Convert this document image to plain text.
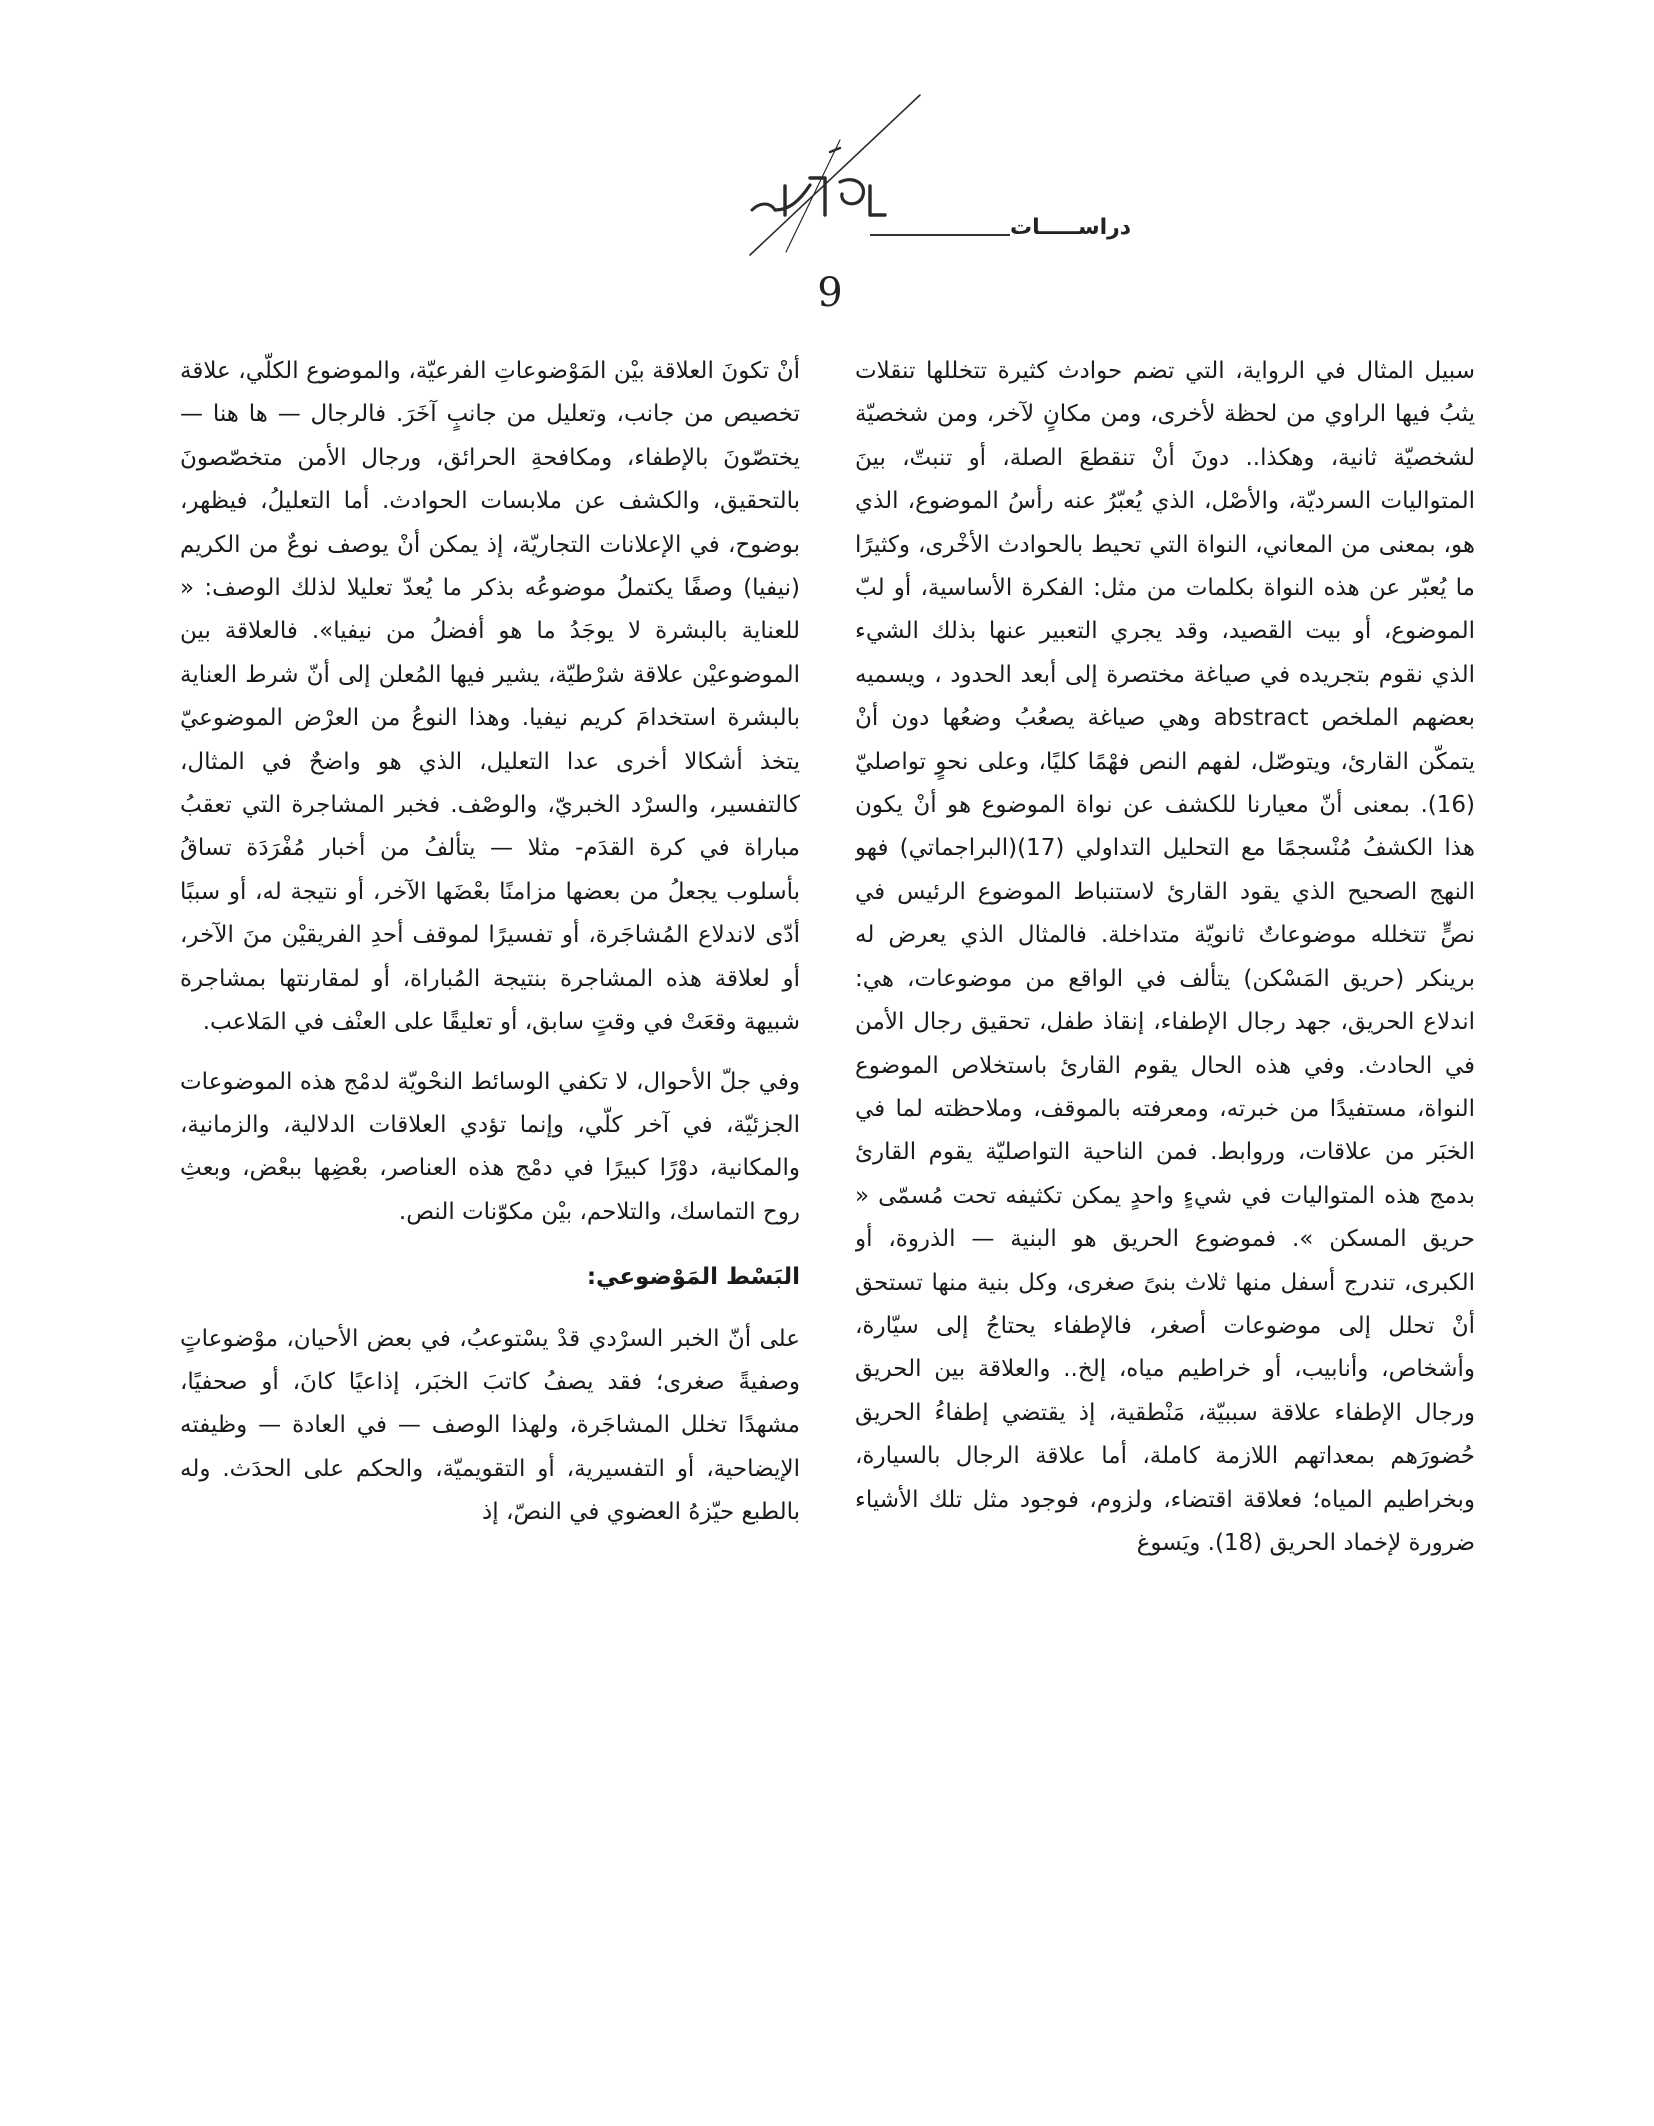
دراســـــات
9

سبيل المثال في الرواية، التي تضم حوادث كثيرة تتخللها تنقلات يثبُ فيها الراوي من لحظة لأخرى، ومن مكانٍ لآخر، ومن شخصيّة لشخصيّة ثانية، وهكذا.. دونَ أنْ تنقطعَ الصلة، أو تنبتّ، بينَ المتواليات السرديّة، والأصْل، الذي يُعبّرُ عنه رأسُ الموضوع، الذي هو، بمعنى من المعاني، النواة التي تحيط بالحوادث الأخْرى، وكثيرًا ما يُعبّر عن هذه النواة بكلمات من مثل: الفكرة الأساسية، أو لبّ الموضوع، أو بيت القصيد، وقد يجري التعبير عنها بذلك الشيء الذي نقوم بتجريده في صياغة مختصرة إلى أبعد الحدود ، ويسميه بعضهم الملخص abstract وهي صياغة يصعُبُ وضعُها دون أنْ يتمكّن القارئ، ويتوصّل، لفهم النص فهْمًا كليًا، وعلى نحوٍ تواصليّ (16). بمعنى أنّ معيارنا للكشف عن نواة الموضوع هو أنْ يكون هذا الكشفُ مُنْسجمًا مع التحليل التداولي (17)(البراجماتي) فهو النهج الصحيح الذي يقود القارئ لاستنباط الموضوع الرئيس في نصٍّ تتخلله موضوعاتٌ ثانويّة متداخلة. فالمثال الذي يعرض له برينكر (حريق المَسْكن) يتألف في الواقع من موضوعات، هي: اندلاع الحريق، جهد رجال الإطفاء، إنقاذ طفل، تحقيق رجال الأمن في الحادث. وفي هذه الحال يقوم القارئ باستخلاص الموضوع النواة، مستفيدًا من خبرته، ومعرفته بالموقف، وملاحظته لما في الخبَر من علاقات، وروابط. فمن الناحية التواصليّة يقوم القارئ بدمج هذه المتواليات في شيءٍ واحدٍ يمكن تكثيفه تحت مُسمّى « حريق المسكن ». فموضوع الحريق هو البنية — الذروة، أو الكبرى، تندرج أسفل منها ثلاث بنىً صغرى، وكل بنية منها تستحق أنْ تحلل إلى موضوعات أصغر، فالإطفاء يحتاجُ إلى سيّارة، وأشخاص، وأنابيب، أو خراطيم مياه، إلخ.. والعلاقة بين الحريق ورجال الإطفاء علاقة سببيّة، مَنْطقية، إذ يقتضي إطفاءُ الحريق حُضورَهم بمعداتهم اللازمة كاملة، أما علاقة الرجال بالسيارة، وبخراطيم المياه؛ فعلاقة اقتضاء، ولزوم، فوجود مثل تلك الأشياء ضرورة لإخماد الحريق (18). ويَسوغ

أنْ تكونَ العلاقة بيْن المَوْضوعاتِ الفرعيّة، والموضوع الكلّي، علاقة تخصيص من جانب، وتعليل من جانبٍ آخَرَ. فالرجال — ها هنا — يختصّونَ بالإطفاء، ومكافحةِ الحرائق، ورجال الأمن متخصّصونَ بالتحقيق، والكشف عن ملابسات الحوادث. أما التعليلُ، فيظهر، بوضوح، في الإعلانات التجاريّة، إذ يمكن أنْ يوصف نوعٌ من الكريم (نيفيا) وصفًا يكتملُ موضوعُه بذكر ما يُعدّ تعليلا لذلك الوصف: « للعناية بالبشرة لا يوجَدُ ما هو أفضلُ من نيفيا». فالعلاقة بين الموضوعيْن علاقة شرْطيّة، يشير فيها المُعلن إلى أنّ شرط العناية بالبشرة استخدامَ كريم نيفيا. وهذا النوعُ من العرْض الموضوعيّ يتخذ أشكالا أخرى عدا التعليل، الذي هو واضحٌ في المثال، كالتفسير، والسرْد الخبريّ، والوصْف. فخبر المشاجرة التي تعقبُ مباراة في كرة القدَم- مثلا — يتألفُ من أخبار مُفْرَدَة تساقُ بأسلوب يجعلُ من بعضها مزامنًا بعْضَها الآخر، أو نتيجة له، أو سببًا أدّى لاندلاع المُشاجَرة، أو تفسيرًا لموقف أحدِ الفريقيْن منَ الآخر، أو لعلاقة هذه المشاجرة بنتيجة المُباراة، أو لمقارنتها بمشاجرة شبيهة وقعَتْ في وقتٍ سابق، أو تعليقًا على العنْف في المَلاعب.

وفي جلّ الأحوال، لا تكفي الوسائط النحْويّة لدمْج هذه الموضوعات الجزئيّة، في آخر كلّي، وإنما تؤدي العلاقات الدلالية، والزمانية، والمكانية، دوْرًا كبيرًا في دمْج هذه العناصر، بعْضِها ببعْض، وبعثِ روح التماسك، والتلاحم، بيْن مكوّنات النص.

البَسْط المَوْضوعي:

على أنّ الخبر السرْدي قدْ يسْتوعبُ، في بعض الأحيان، موْضوعاتٍ وصفيةً صغرى؛ فقد يصفُ كاتبَ الخبَر، إذاعيًا كانَ، أو صحفيًا، مشهدًا تخلل المشاجَرة، ولهذا الوصف — في العادة — وظيفته الإيضاحية، أو التفسيرية، أو التقويميّة، والحكم على الحدَث. وله بالطبع حيّزهُ العضوي في النصّ، إذ
